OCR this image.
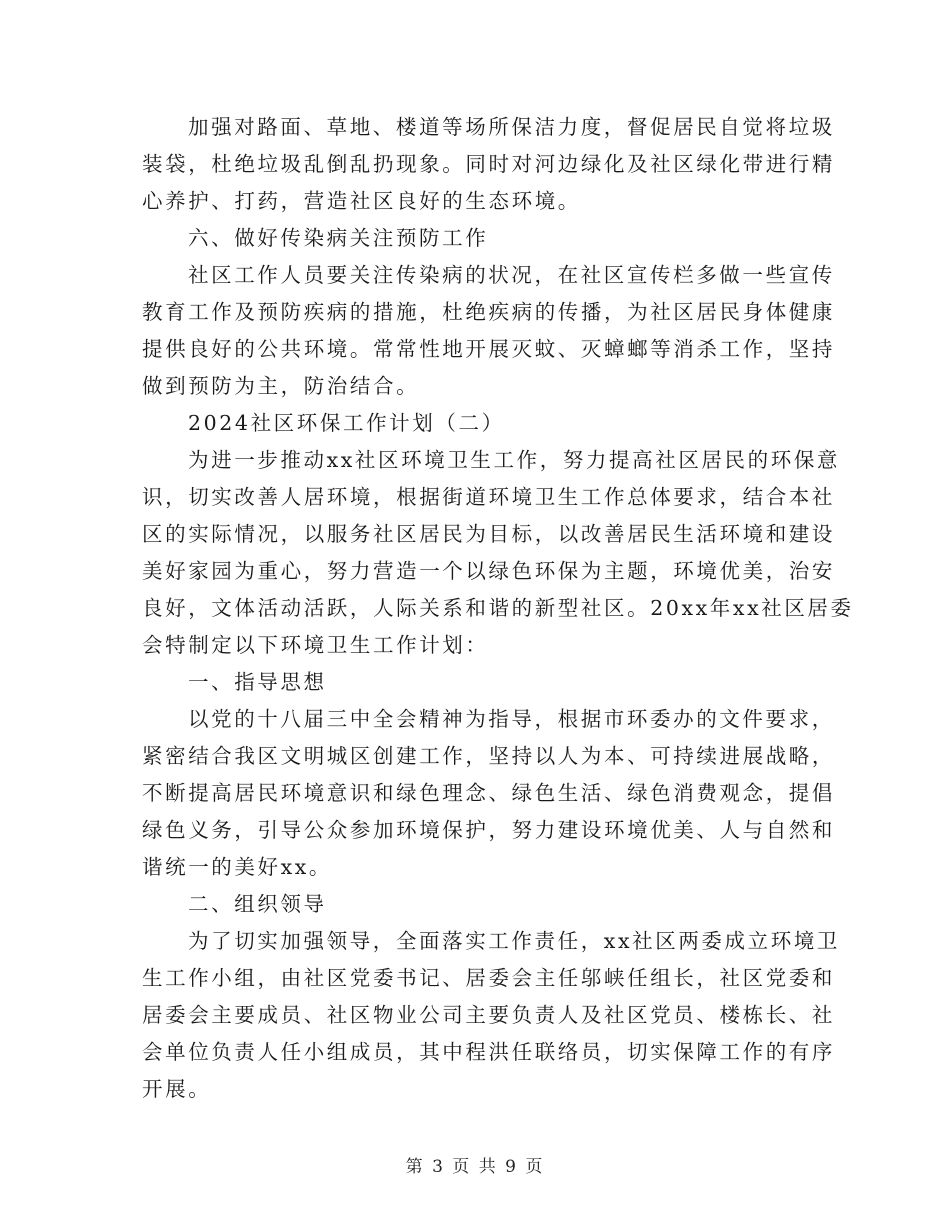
加强对路面、草地、楼道等场所保洁力度，督促居民自觉将垃圾
装袋，杜绝垃圾乱倒乱扔现象。同时对河边绿化及社区绿化带进行精
心养护、打药，营造社区良好的生态环境。
六、做好传染病关注预防工作
社区工作人员要关注传染病的状况，在社区宣传栏多做一些宣传
教育工作及预防疾病的措施，杜绝疾病的传播，为社区居民身体健康
提供良好的公共环境。常常性地开展灭蚊、灭蟑螂等消杀工作，坚持
做到预防为主，防治结合。
2024社区环保工作计划（二）
为进一步推动xx社区环境卫生工作，努力提高社区居民的环保意
识，切实改善人居环境，根据街道环境卫生工作总体要求，结合本社
区的实际情况，以服务社区居民为目标，以改善居民生活环境和建设
美好家园为重心，努力营造一个以绿色环保为主题，环境优美，治安
良好，文体活动活跃，人际关系和谐的新型社区。20xx年xx社区居委
会特制定以下环境卫生工作计划：
一、指导思想
以党的十八届三中全会精神为指导，根据市环委办的文件要求，
紧密结合我区文明城区创建工作，坚持以人为本、可持续进展战略，
不断提高居民环境意识和绿色理念、绿色生活、绿色消费观念，提倡
绿色义务，引导公众参加环境保护，努力建设环境优美、人与自然和
谐统一的美好xx。
二、组织领导
为了切实加强领导，全面落实工作责任，xx社区两委成立环境卫
生工作小组，由社区党委书记、居委会主任邬峡任组长，社区党委和
居委会主要成员、社区物业公司主要负责人及社区党员、楼栋长、社
会单位负责人任小组成员，其中程洪任联络员，切实保障工作的有序
开展。
第 3 页 共 9 页
